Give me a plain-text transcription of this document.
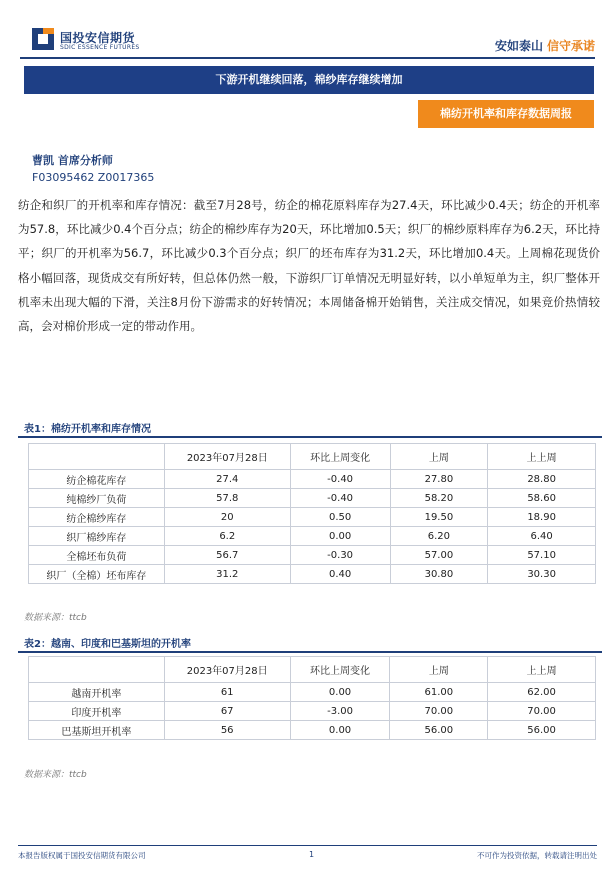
国投安信期货
SDIC ESSENCE FUTURES	安如泰山 信守承诺
下游开机继续回落，棉纱库存继续增加
棉纺开机率和库存数据周报
曹凯 首席分析师
F03095462 Z0017365

纺企和织厂的开机率和库存情况：截至7月28号，纺企的棉花原料库存为27.4天，环比减少0.4天；纺企的开机率为57.8，环比减少0.4个百分点；纺企的棉纱库存为20天，环比增加0.5天；织厂的棉纱原料库存为6.2天，环比持平；织厂的开机率为56.7，环比减少0.3个百分点；织厂的坯布库存为31.2天，环比增加0.4天。上周棉花现货价格小幅回落，现货成交有所好转，但总体仍然一般，下游织厂订单情况无明显好转，以小单短单为主，织厂整体开机率未出现大幅的下滑，关注8月份下游需求的好转情况；本周储备棉开始销售，关注成交情况，如果竞价热情较高，会对棉价形成一定的带动作用。

表1：棉纺开机率和库存情况
	2023年07月28日	环比上周变化	上周	上上周
纺企棉花库存	27.4	-0.40	27.80	28.80
纯棉纱厂负荷	57.8	-0.40	58.20	58.60
纺企棉纱库存	20	0.50	19.50	18.90
织厂棉纱库存	6.2	0.00	6.20	6.40
全棉坯布负荷	56.7	-0.30	57.00	57.10
织厂（全棉）坯布库存	31.2	0.40	30.80	30.30
数据来源：ttcb
表2：越南、印度和巴基斯坦的开机率
	2023年07月28日	环比上周变化	上周	上上周
越南开机率	61	0.00	61.00	62.00
印度开机率	67	-3.00	70.00	70.00
巴基斯坦开机率	56	0.00	56.00	56.00
数据来源：ttcb
本报告版权属于国投安信期货有限公司	1	不可作为投资依据，转载请注明出处
